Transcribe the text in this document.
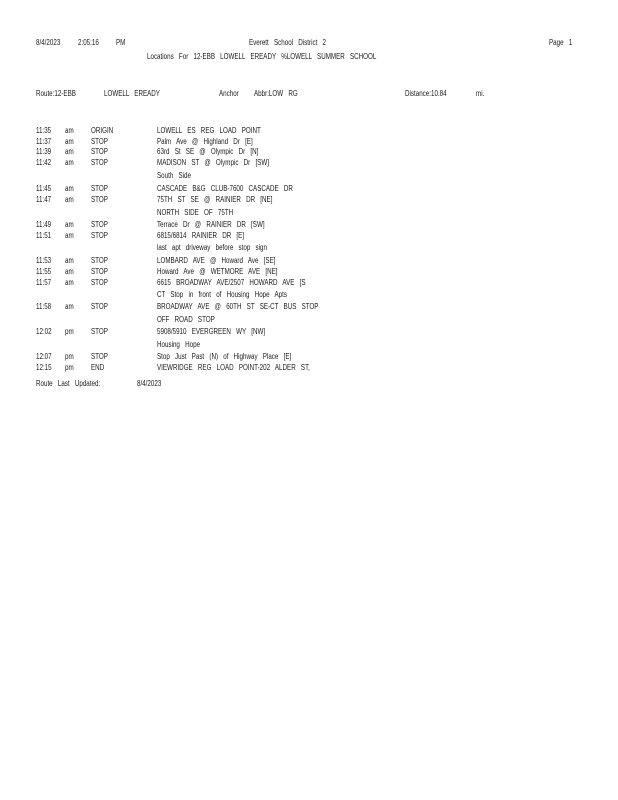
8/4/2023 2:05:16 PM	Everett   School   District   2	Page   1
Locations   For   12-EBB   LOWELL   EREADY   %LOWELL   SUMMER   SCHOOL
Route:12-EBB	LOWELL   EREADY	Anchor Abbr:LOW   RG	Distance:10.84	mi.
11:35 am ORIGIN	LOWELL   ES   REG   LOAD   POINT
11:37 am STOP	Palm   Ave   @   Highland   Dr   [E]
11:39 am STOP	63rd   St   SE   @   Olympic   Dr   [N]
11:42 am STOP	MADISON   ST   @   Olympic   Dr   [SW]
South   Side
11:45 am STOP	CASCADE   B&G   CLUB-7600   CASCADE   DR
11:47 am STOP	75TH   ST   SE   @   RAINIER   DR   [NE]
NORTH   SIDE   OF   75TH
11:49 am STOP	Terrace   Dr   @   RAINIER   DR   [SW]
11:51 am STOP	6815/6814   RAINIER   DR   [E]
last   apt   driveway   before   stop   sign
11:53 am STOP	LOMBARD   AVE   @   Howard   Ave   [SE]
11:55 am STOP	Howard   Ave   @   WETMORE   AVE   [NE]
11:57 am STOP	6615   BROADWAY   AVE/2507   HOWARD   AVE   [S
CT   Stop   in   front   of   Housing   Hope   Apts
11:58 am STOP	BROADWAY   AVE   @   60TH   ST   SE-CT   BUS   STOP
OFF   ROAD   STOP
12:02 pm STOP	5908/5910   EVERGREEN   WY   [NW]
Housing   Hope
12:07 pm STOP	Stop   Just   Past   (N)   of   Highway   Place   [E]
12:15 pm END	VIEWRIDGE   REG   LOAD   POINT-202   ALDER   ST,
Route   Last   Updated:	8/4/2023
